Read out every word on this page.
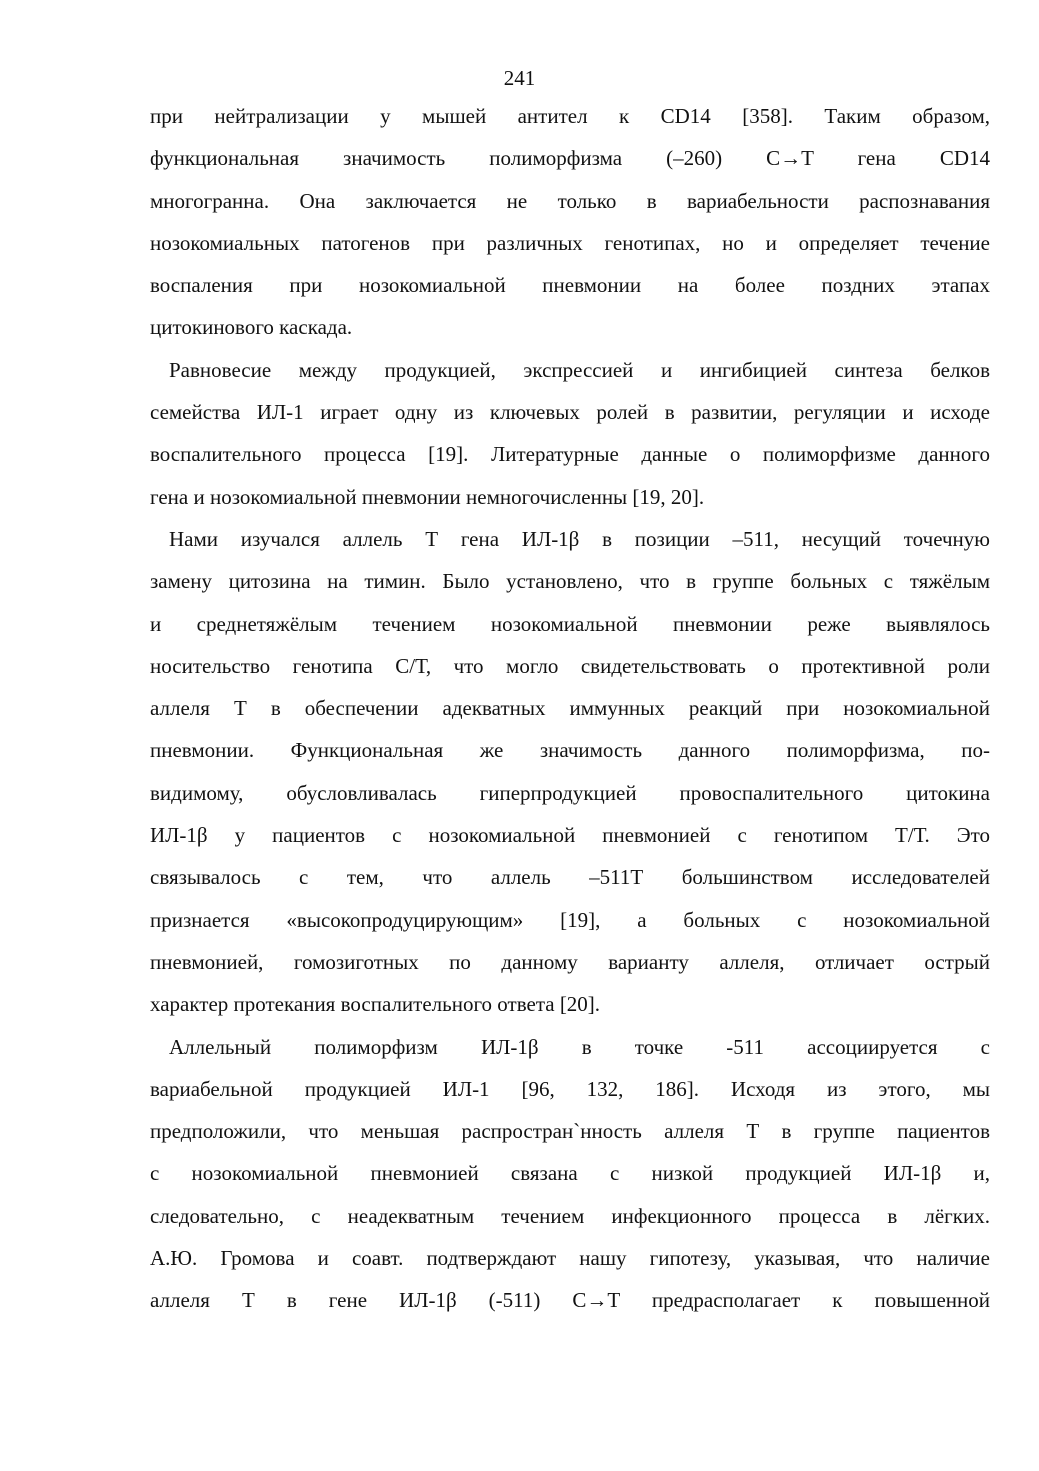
241
при нейтрализации у мышей антител к CD14 [358]. Таким образом,
функциональная значимость полиморфизма (–260) C→T гена CD14
многогранна. Она заключается не только в вариабельности распознавания
нозокомиальных патогенов при различных генотипах, но и определяет течение
воспаления при нозокомиальной пневмонии на более поздних этапах
цитокинового каскада.
Равновесие между продукцией, экспрессией и ингибицией синтеза белков
семейства ИЛ-1 играет одну из ключевых ролей в развитии, регуляции и исходе
воспалительного процесса [19]. Литературные данные о полиморфизме данного
гена и нозокомиальной пневмонии немногочисленны [19, 20].
Нами изучался аллель Т гена ИЛ-1β в позиции –511, несущий точечную
замену цитозина на тимин. Было установлено, что в группе больных с тяжёлым
и среднетяжёлым течением нозокомиальной пневмонии реже выявлялось
носительство генотипа С/Т, что могло свидетельствовать о протективной роли
аллеля Т в обеспечении адекватных иммунных реакций при нозокомиальной
пневмонии. Функциональная же значимость данного полиморфизма, по-
видимому, обусловливалась гиперпродукцией провоспалительного цитокина
ИЛ-1β у пациентов с нозокомиальной пневмонией с генотипом Т/Т. Это
связывалось с тем, что аллель –511Т большинством исследователей
признается «высокопродуцирующим» [19], а больных с нозокомиальной
пневмонией, гомозиготных по данному варианту аллеля, отличает острый
характер протекания воспалительного ответа [20].
Аллельный полиморфизм ИЛ-1β в точке -511 ассоциируется с
вариабельной продукцией ИЛ-1 [96, 132, 186]. Исходя из этого, мы
предположили, что меньшая распростран`нность аллеля Т в группе пациентов
с нозокомиальной пневмонией связана с низкой продукцией ИЛ-1β и,
следовательно, с неадекватным течением инфекционного процесса в лёгких.
А.Ю. Громова и соавт. подтверждают нашу гипотезу, указывая, что наличие
аллеля Т в гене ИЛ-1β (-511) C→T предрасполагает к повышенной
